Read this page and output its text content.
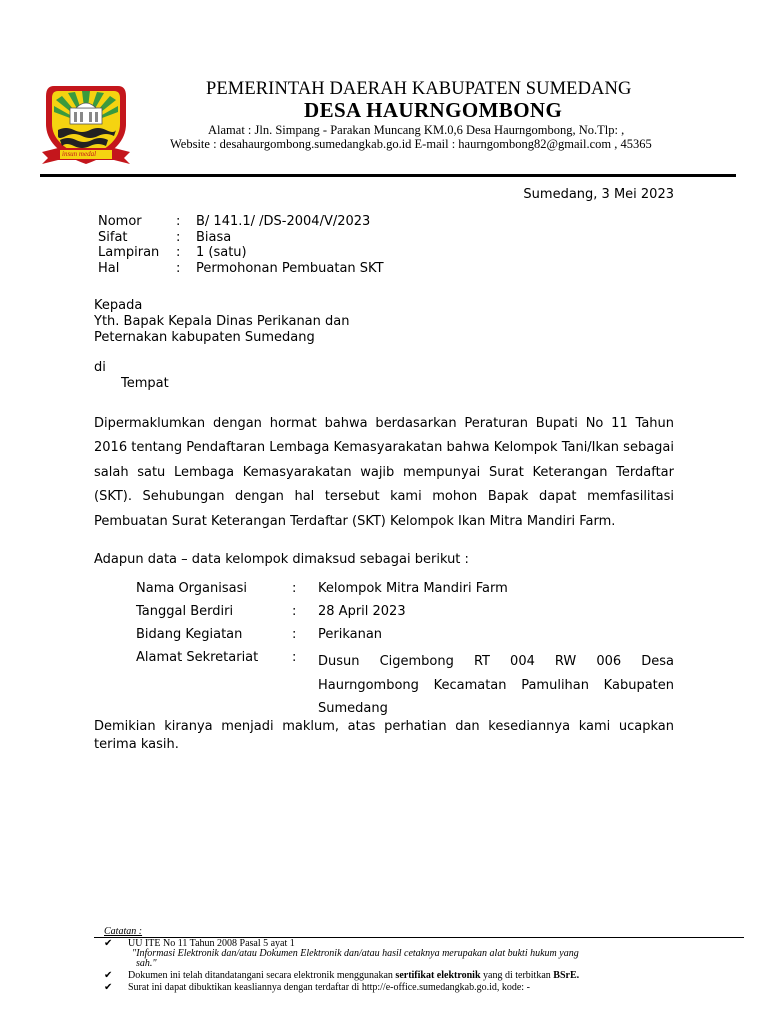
insun medal
PEMERINTAH DAERAH KABUPATEN SUMEDANG
DESA HAURNGOMBONG
Alamat : Jln. Simpang - Parakan Muncang KM.0,6 Desa Haurngombong, No.Tlp: ,
Website : desahaurgombong.sumedangkab.go.id E-mail : haurngombong82@gmail.com , 45365
Sumedang, 3 Mei 2023
Nomor	: B/ 141.1/ /DS-2004/V/2023
Sifat	: Biasa
Lampiran : 1 (satu)
Hal	: Permohonan Pembuatan SKT
Kepada
Yth. Bapak Kepala Dinas Perikanan dan
Peternakan kabupaten Sumedang
di
Tempat
Dipermaklumkan dengan hormat bahwa berdasarkan Peraturan Bupati No 11 Tahun 2016 tentang Pendaftaran Lembaga Kemasyarakatan bahwa Kelompok Tani/Ikan sebagai salah satu Lembaga Kemasyarakatan wajib mempunyai Surat Keterangan Terdaftar (SKT). Sehubungan dengan hal tersebut kami mohon Bapak dapat memfasilitasi Pembuatan Surat Keterangan Terdaftar (SKT) Kelompok Ikan Mitra Mandiri Farm.
Adapun data – data kelompok dimaksud sebagai berikut :
Nama Organisasi	: Kelompok Mitra Mandiri Farm
Tanggal Berdiri	: 28 April 2023
Bidang Kegiatan	: Perikanan
Alamat Sekretariat	: Dusun Cigembong RT 004 RW 006 Desa Haurngombong Kecamatan Pamulihan Kabupaten Sumedang
Demikian kiranya menjadi maklum, atas perhatian dan kesediannya kami ucapkan terima kasih.
Catatan :
✔ UU ITE No 11 Tahun 2008 Pasal 5 ayat 1
"Informasi Elektronik dan/atau Dokumen Elektronik dan/atau hasil cetaknya merupakan alat bukti hukum yang
sah."
✔ Dokumen ini telah ditandatangani secara elektronik menggunakan sertifikat elektronik yang di terbitkan BSrE.
✔ Surat ini dapat dibuktikan keasliannya dengan terdaftar di http://e-office.sumedangkab.go.id, kode: -
